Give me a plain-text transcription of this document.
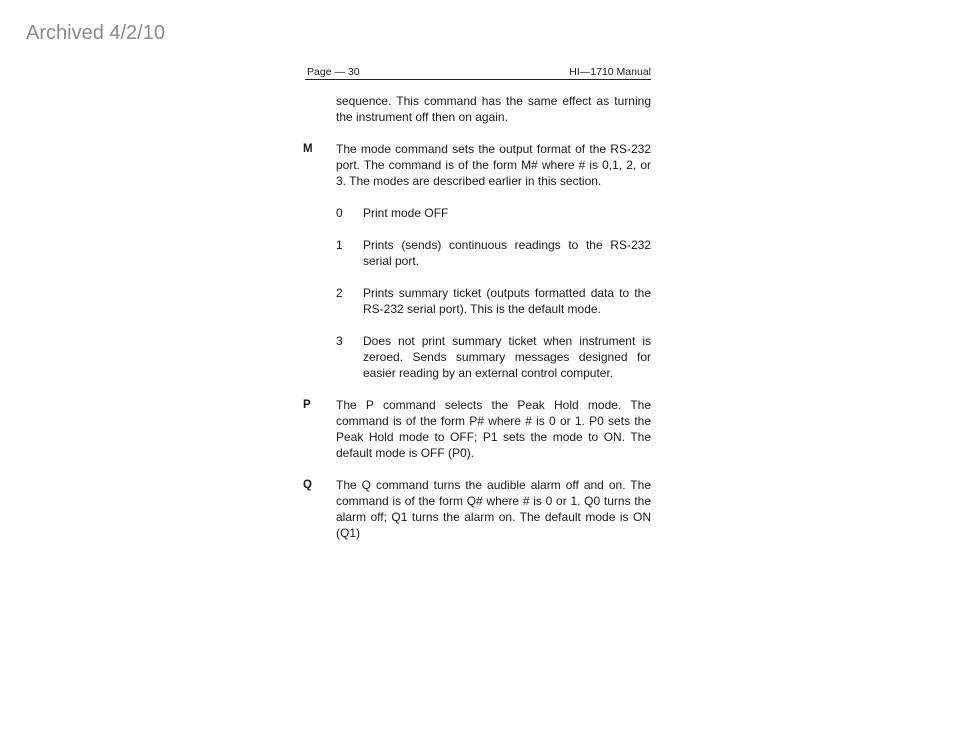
Archived 4/2/10
Page — 30	HI—1710 Manual

sequence. This command has the same effect as turning the instrument off then on again.

M The mode command sets the output format of the RS-232 port. The command is of the form M# where # is 0,1, 2, or 3. The modes are described earlier in this section.

0 Print mode OFF

1 Prints (sends) continuous readings to the RS-232 serial port.

2 Prints summary ticket (outputs formatted data to the RS-232 serial port). This is the default mode.

3 Does not print summary ticket when instrument is zeroed. Sends summary messages designed for easier reading by an external control computer.

P The P command selects the Peak Hold mode. The command is of the form P# where # is 0 or 1. P0 sets the Peak Hold mode to OFF; P1 sets the mode to ON. The default mode is OFF (P0).

Q The Q command turns the audible alarm off and on. The command is of the form Q# where # is 0 or 1. Q0 turns the alarm off; Q1 turns the alarm on. The default mode is ON (Q1)
